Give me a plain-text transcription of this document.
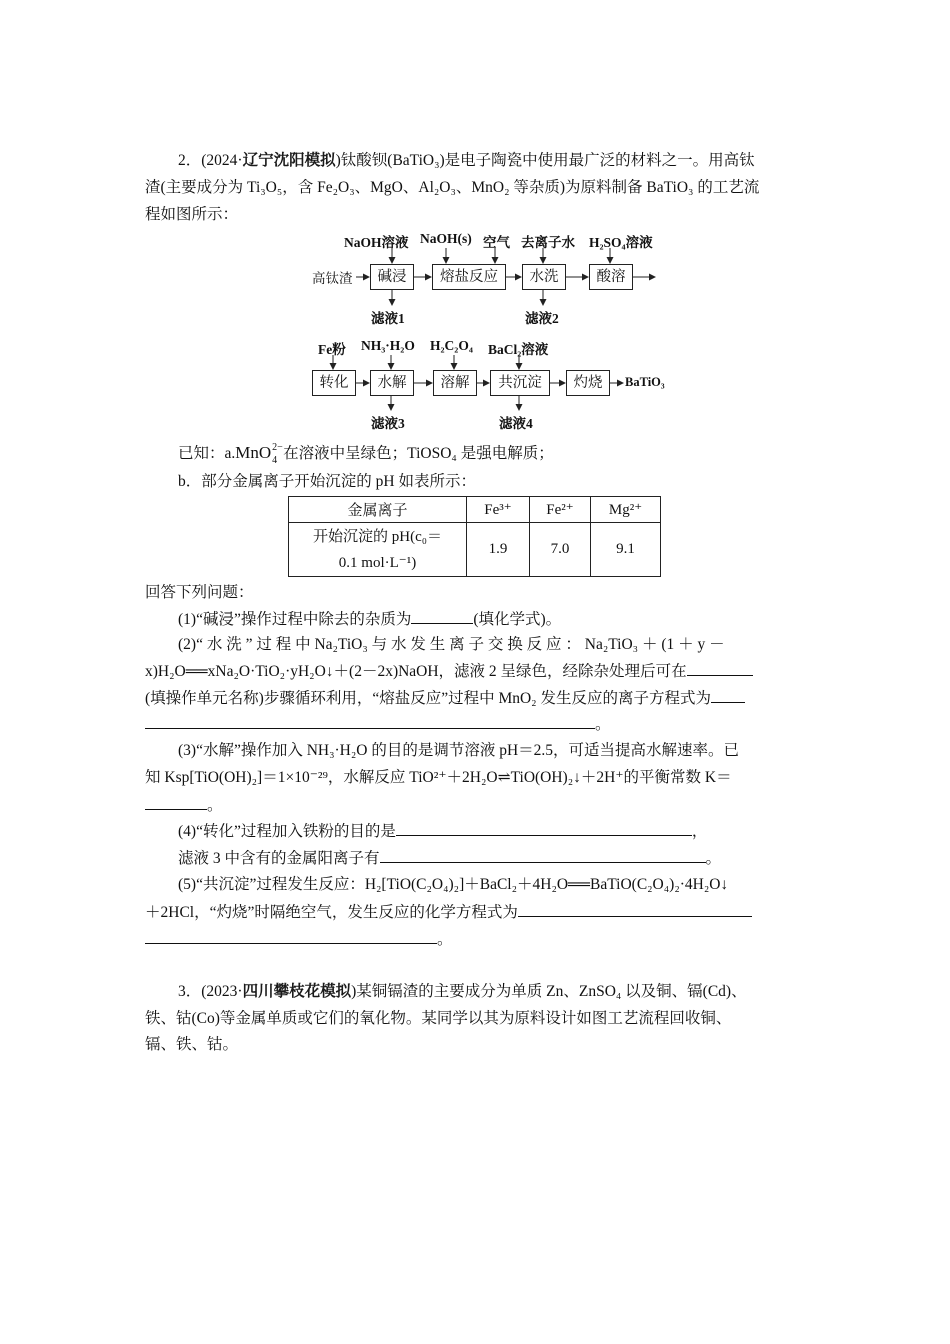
2．(2024·辽宁沈阳模拟)钛酸钡(BaTiO₃)是电子陶瓷中使用最广泛的材料之一。用高钛
渣(主要成分为 Ti₃O₅，含 Fe₂O₃、MgO、Al₂O₃、MnO₂ 等杂质)为原料制备 BaTiO₃ 的工艺流
程如图所示：
NaOH溶液 NaOH(s) 空气 去离子水 H₂SO₄溶液
高钛渣	碱浸	熔盐反应	水洗	酸溶
滤液1	滤液2
Fe粉 NH₃·H₂O H₂C₂O₄ BaCl₂溶液
转化	水解	溶解	共沉淀	灼烧	BaTiO₃
滤液3	滤液4
已知：a.MnO 2−
4 在溶液中呈绿色；TiOSO₄ 是强电解质；
b．部分金属离子开始沉淀的 pH 如表所示：
金属离子	Fe³⁺	Fe²⁺	Mg²⁺

开始沉淀的 pH(c₀＝
0.1 mol·L⁻¹)	1.9	7.0	9.1
回答下列问题：
(1)“碱浸”操作过程中除去的杂质为	(填化学式)。
(2)“ 水 洗 ” 过 程 中 Na₂TiO₃ 与 水 发 生 离 子 交 换 反 应 ： Na₂TiO₃ ＋ (1 ＋ y －
x)H₂O══xNa₂O·TiO₂·yH₂O↓＋(2－2x)NaOH，滤液 2 呈绿色，经除杂处理后可在
(填操作单元名称)步骤循环利用，“熔盐反应”过程中 MnO₂ 发生反应的离子方程式为
。
(3)“水解”操作加入 NH₃·H₂O 的目的是调节溶液 pH＝2.5，可适当提高水解速率。已
知 Ksp[TiO(OH)₂]＝1×10⁻²⁹，水解反应 TiO²⁺＋2H₂O⇌TiO(OH)₂↓＋2H⁺的平衡常数 K＝
。
(4)“转化”过程加入铁粉的目的是	，
滤液 3 中含有的金属阳离子有	。
(5)“共沉淀”过程发生反应：H₂[TiO(C₂O₄)₂]＋BaCl₂＋4H₂O══BaTiO(C₂O₄)₂·4H₂O↓
＋2HCl，“灼烧”时隔绝空气，发生反应的化学方程式为
。
3．(2023·四川攀枝花模拟)某铜镉渣的主要成分为单质 Zn、ZnSO₄ 以及铜、镉(Cd)、
铁、钴(Co)等金属单质或它们的氧化物。某同学以其为原料设计如图工艺流程回收铜、
镉、铁、钴。
